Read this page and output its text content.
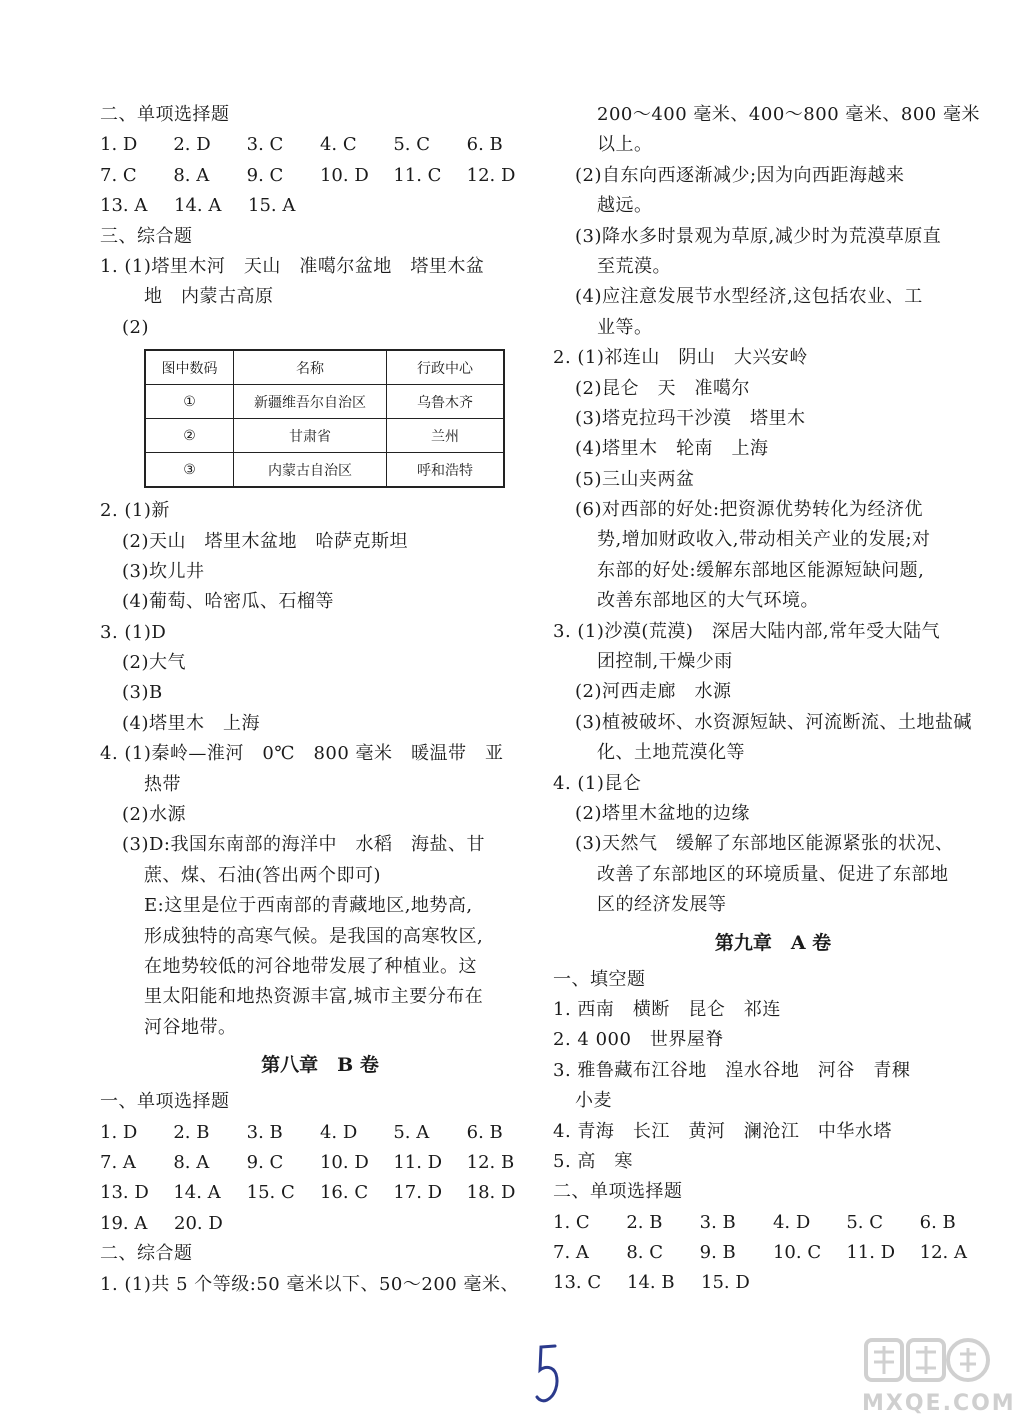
二、单项选择题
1. D	2. D	3. C	4. C	5. C	6. B
7. C	8. A	9. C	10. D	11. C	12. D
13. A	14. A	15. A
三、综合题
1. (1)塔里木河　天山　准噶尔盆地　塔里木盆
地　内蒙古高原
(2)
图中数码	名称	行政中心
①	新疆维吾尔自治区	乌鲁木齐
②	甘肃省	兰州
③	内蒙古自治区	呼和浩特
2. (1)新
(2)天山　塔里木盆地　哈萨克斯坦
(3)坎儿井
(4)葡萄、哈密瓜、石榴等
3. (1)D
(2)大气
(3)B
(4)塔里木　上海
4. (1)秦岭—淮河　0℃　800 毫米　暖温带　亚
热带
(2)水源
(3)D:我国东南部的海洋中　水稻　海盐、甘
蔗、煤、石油(答出两个即可)
E:这里是位于西南部的青藏地区,地势高,
形成独特的高寒气候。是我国的高寒牧区,
在地势较低的河谷地带发展了种植业。这
里太阳能和地热资源丰富,城市主要分布在
河谷地带。
第八章　B 卷
一、单项选择题
1. D	2. B	3. B	4. D	5. A	6. B
7. A	8. A	9. C	10. D	11. D	12. B
13. D	14. A	15. C	16. C	17. D	18. D
19. A	20. D
二、综合题
1. (1)共 5 个等级:50 毫米以下、50～200 毫米、
200～400 毫米、400～800 毫米、800 毫米
以上。
(2)自东向西逐渐减少;因为向西距海越来
越远。
(3)降水多时景观为草原,减少时为荒漠草原直
至荒漠。
(4)应注意发展节水型经济,这包括农业、工
业等。
2. (1)祁连山　阴山　大兴安岭
(2)昆仑　天　准噶尔
(3)塔克拉玛干沙漠　塔里木
(4)塔里木　轮南　上海
(5)三山夹两盆
(6)对西部的好处:把资源优势转化为经济优
势,增加财政收入,带动相关产业的发展;对
东部的好处:缓解东部地区能源短缺问题,
改善东部地区的大气环境。
3. (1)沙漠(荒漠)　深居大陆内部,常年受大陆气
团控制,干燥少雨
(2)河西走廊　水源
(3)植被破坏、水资源短缺、河流断流、土地盐碱
化、土地荒漠化等
4. (1)昆仑
(2)塔里木盆地的边缘
(3)天然气　缓解了东部地区能源紧张的状况、
改善了东部地区的环境质量、促进了东部地
区的经济发展等
第九章　A 卷
一、填空题
1. 西南　横断　昆仑　祁连
2. 4 000　世界屋脊
3. 雅鲁藏布江谷地　湟水谷地　河谷　青稞
小麦
4. 青海　长江　黄河　澜沧江　中华水塔
5. 高　寒
二、单项选择题
1. C	2. B	3. B	4. D	5. C	6. B
7. A	8. C	9. B	10. C	11. D	12. A
13. C	14. B	15. D
MXQE.COM
